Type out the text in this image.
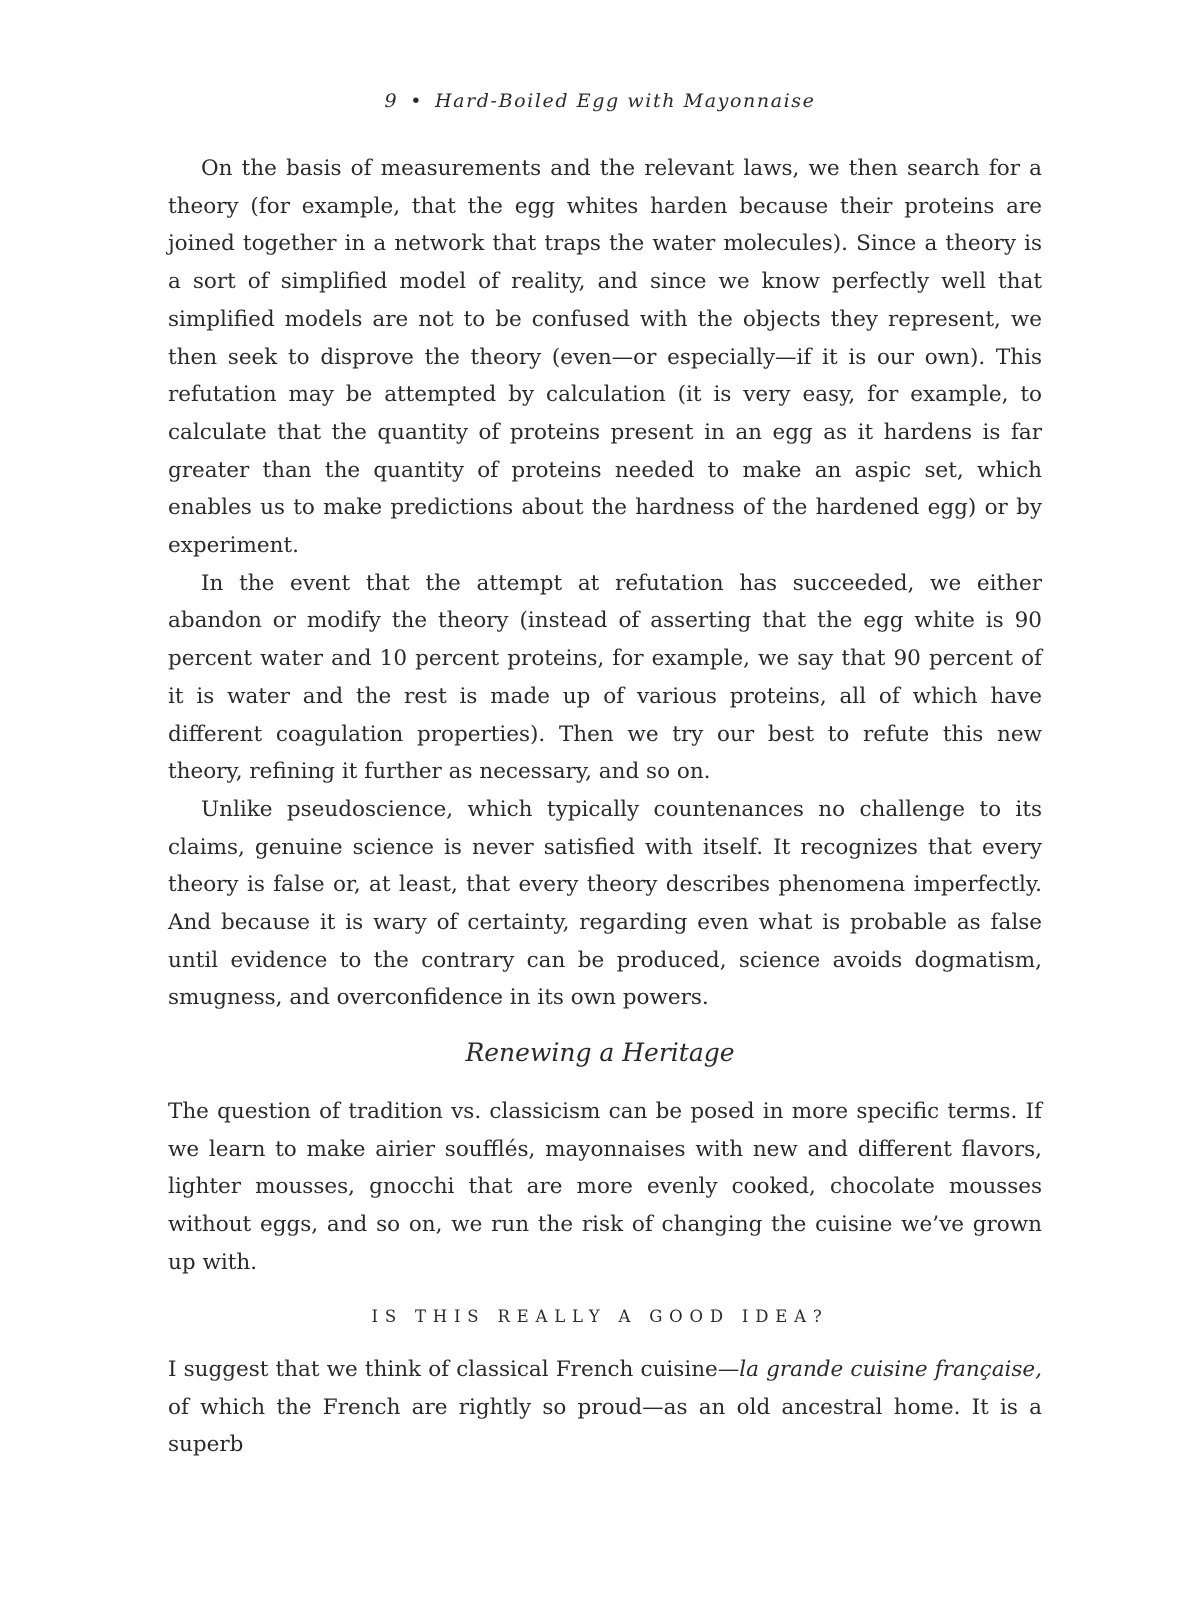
9 • Hard-Boiled Egg with Mayonnaise

On the basis of measurements and the relevant laws, we then search for a theory (for example, that the egg whites harden because their proteins are joined together in a network that traps the water molecules). Since a theory is a sort of simplified model of reality, and since we know perfectly well that simplified models are not to be confused with the objects they represent, we then seek to disprove the theory (even—or especially—if it is our own). This refutation may be attempted by calculation (it is very easy, for example, to calculate that the quantity of proteins present in an egg as it hardens is far greater than the quantity of proteins needed to make an aspic set, which enables us to make predictions about the hardness of the hardened egg) or by experiment.

In the event that the attempt at refutation has succeeded, we either abandon or modify the theory (instead of asserting that the egg white is 90 percent water and 10 percent proteins, for example, we say that 90 percent of it is water and the rest is made up of various proteins, all of which have different coagulation properties). Then we try our best to refute this new theory, refining it further as necessary, and so on.

Unlike pseudoscience, which typically countenances no challenge to its claims, genuine science is never satisfied with itself. It recognizes that every theory is false or, at least, that every theory describes phenomena imperfectly. And because it is wary of certainty, regarding even what is probable as false until evidence to the contrary can be produced, science avoids dogmatism, smugness, and overconfidence in its own powers.

Renewing a Heritage

The question of tradition vs. classicism can be posed in more specific terms. If we learn to make airier soufflés, mayonnaises with new and different flavors, lighter mousses, gnocchi that are more evenly cooked, chocolate mousses without eggs, and so on, we run the risk of changing the cuisine we’ve grown up with.

IS THIS REALLY A GOOD IDEA?

I suggest that we think of classical French cuisine—la grande cuisine française, of which the French are rightly so proud—as an old ancestral home. It is a superb
